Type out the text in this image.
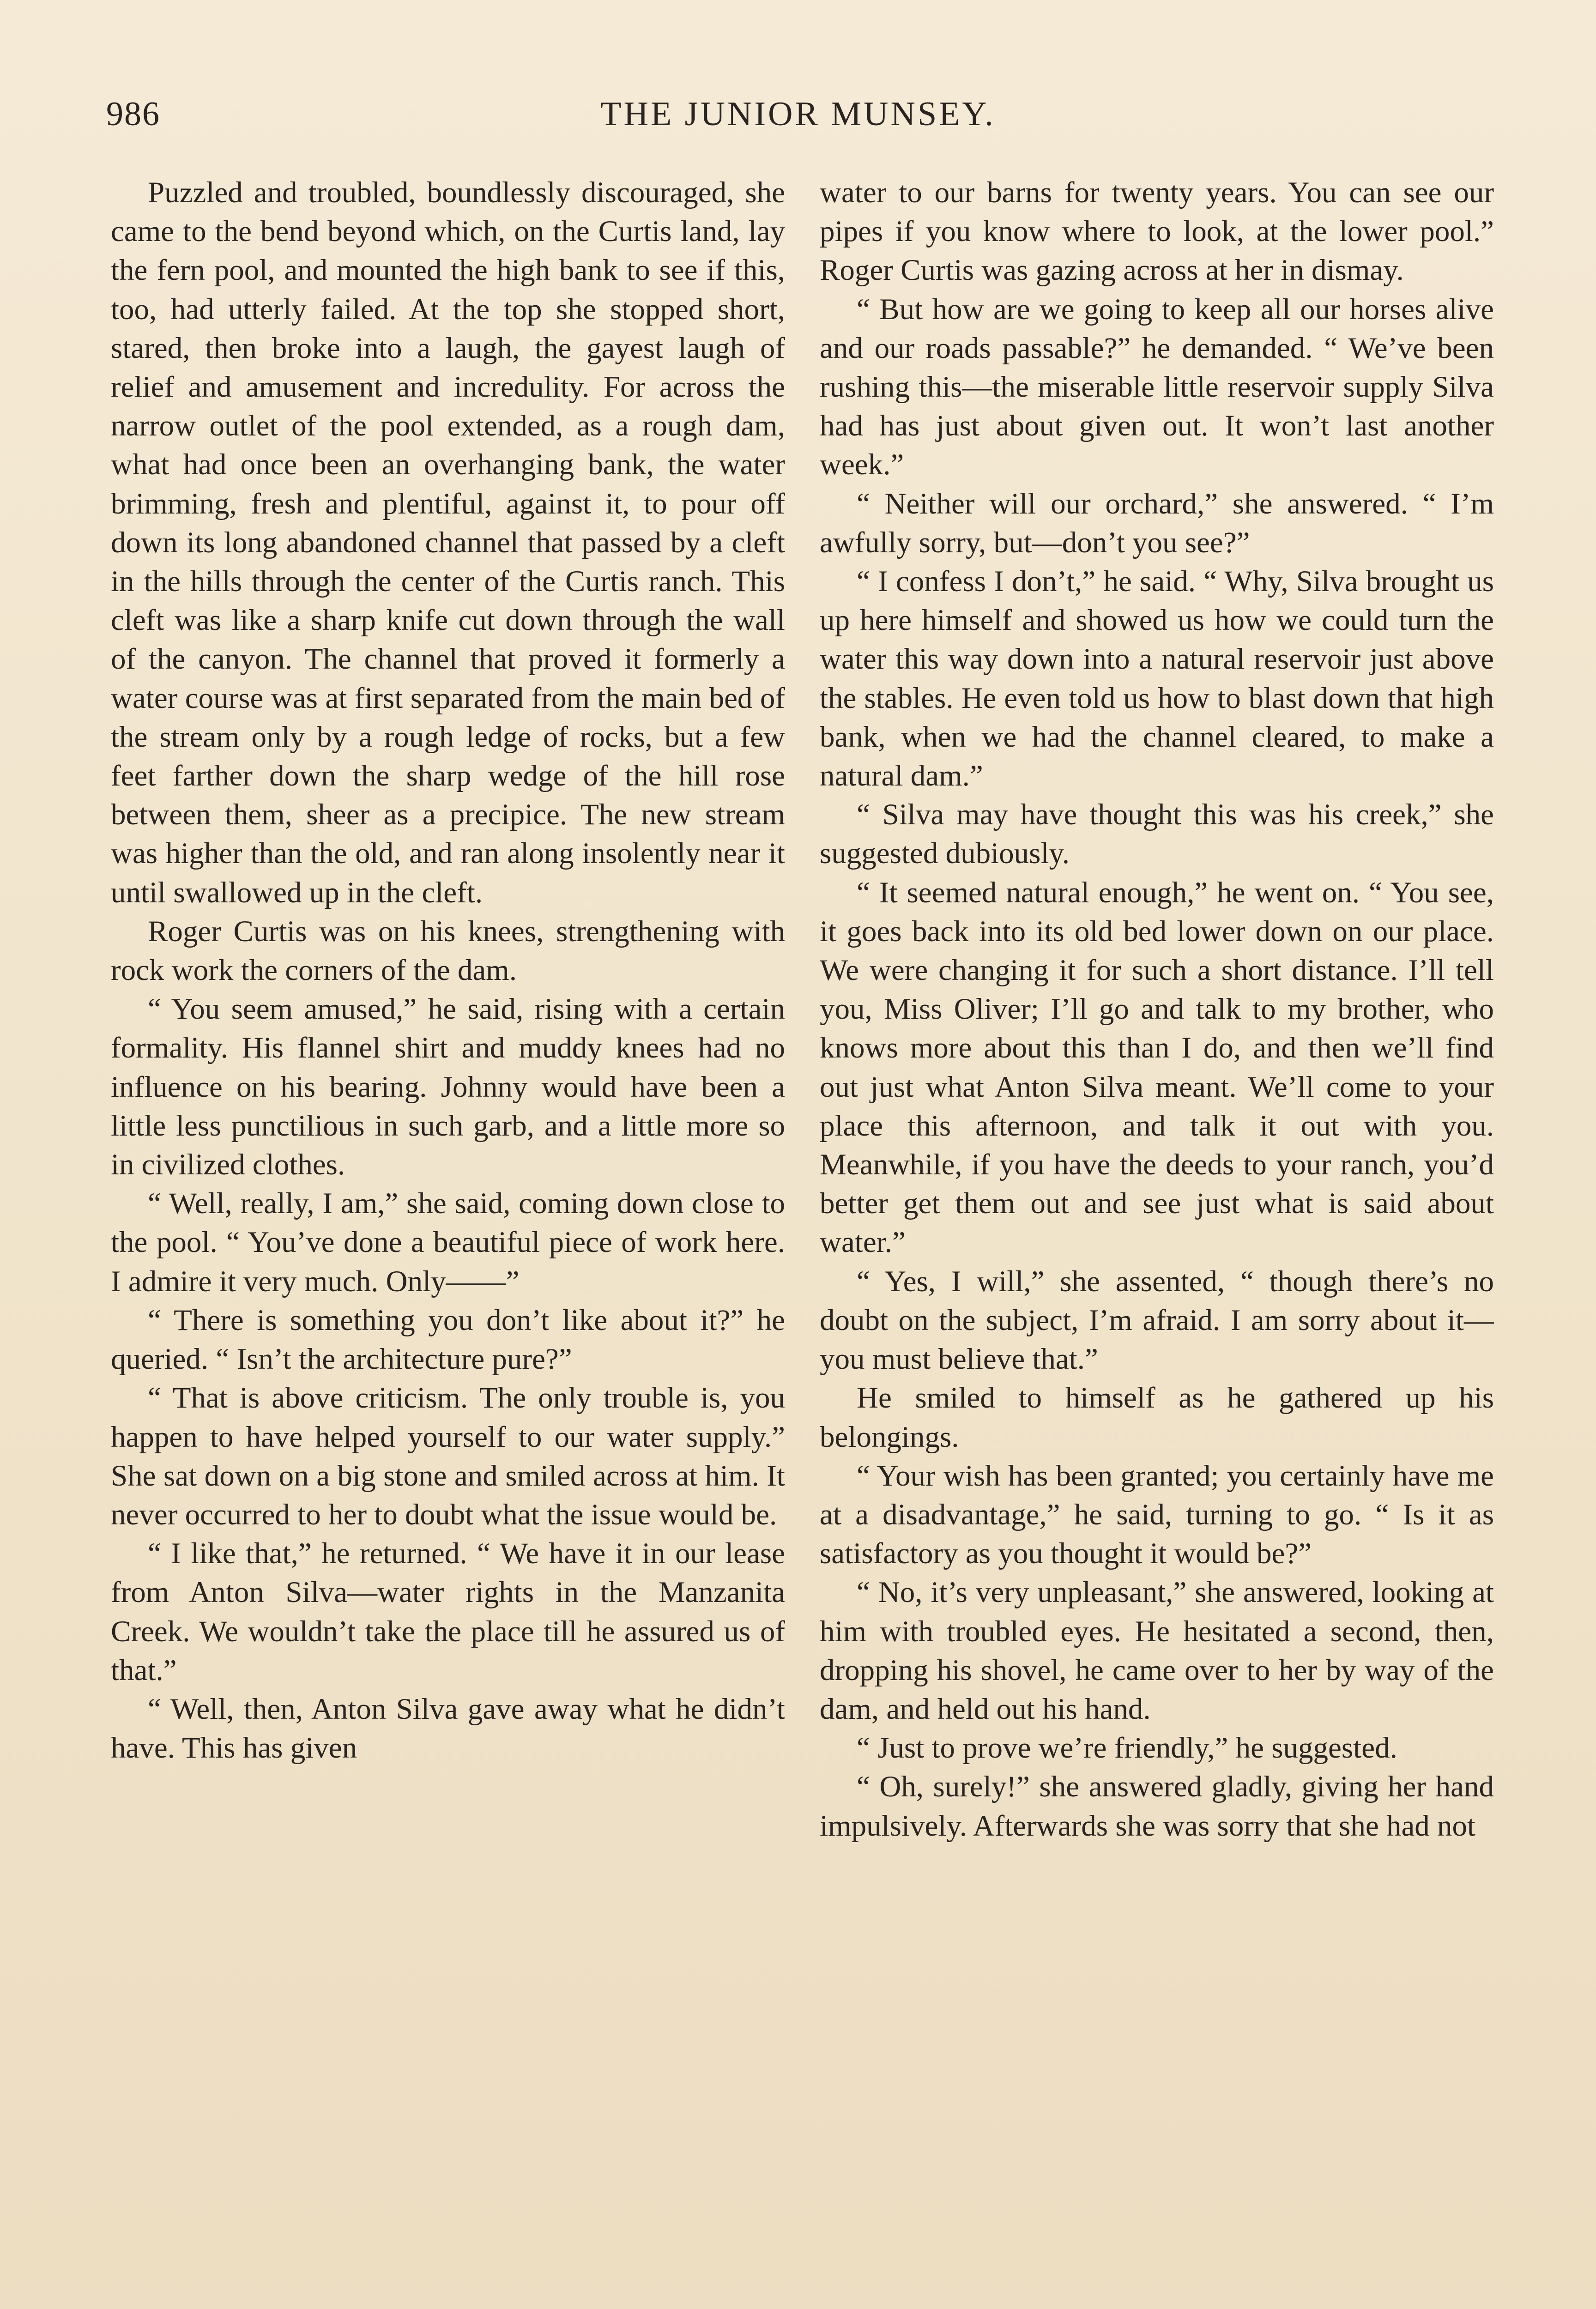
986	THE JUNIOR MUNSEY.

Puzzled and troubled, boundlessly discouraged, she came to the bend beyond which, on the Curtis land, lay the fern pool, and mounted the high bank to see if this, too, had utterly failed. At the top she stopped short, stared, then broke into a laugh, the gayest laugh of relief and amusement and incredulity. For across the narrow outlet of the pool extended, as a rough dam, what had once been an overhanging bank, the water brimming, fresh and plentiful, against it, to pour off down its long abandoned channel that passed by a cleft in the hills through the center of the Curtis ranch. This cleft was like a sharp knife cut down through the wall of the canyon. The channel that proved it formerly a water course was at first separated from the main bed of the stream only by a rough ledge of rocks, but a few feet farther down the sharp wedge of the hill rose between them, sheer as a precipice. The new stream was higher than the old, and ran along insolently near it until swallowed up in the cleft.

Roger Curtis was on his knees, strengthening with rock work the corners of the dam.

“ You seem amused,” he said, rising with a certain formality. His flannel shirt and muddy knees had no influence on his bearing. Johnny would have been a little less punctilious in such garb, and a little more so in civilized clothes.

“ Well, really, I am,” she said, coming down close to the pool. “ You’ve done a beautiful piece of work here. I admire it very much. Only——”

“ There is something you don’t like about it?” he queried. “ Isn’t the architecture pure?”

“ That is above criticism. The only trouble is, you happen to have helped yourself to our water supply.” She sat down on a big stone and smiled across at him. It never occurred to her to doubt what the issue would be.

“ I like that,” he returned. “ We have it in our lease from Anton Silva—water rights in the Manzanita Creek. We wouldn’t take the place till he assured us of that.”

“ Well, then, Anton Silva gave away what he didn’t have. This has given

water to our barns for twenty years. You can see our pipes if you know where to look, at the lower pool.” Roger Curtis was gazing across at her in dismay.

“ But how are we going to keep all our horses alive and our roads passable?” he demanded. “ We’ve been rushing this—the miserable little reservoir supply Silva had has just about given out. It won’t last another week.”

“ Neither will our orchard,” she answered. “ I’m awfully sorry, but—don’t you see?”

“ I confess I don’t,” he said. “ Why, Silva brought us up here himself and showed us how we could turn the water this way down into a natural reservoir just above the stables. He even told us how to blast down that high bank, when we had the channel cleared, to make a natural dam.”

“ Silva may have thought this was his creek,” she suggested dubiously.

“ It seemed natural enough,” he went on. “ You see, it goes back into its old bed lower down on our place. We were changing it for such a short distance. I’ll tell you, Miss Oliver; I’ll go and talk to my brother, who knows more about this than I do, and then we’ll find out just what Anton Silva meant. We’ll come to your place this afternoon, and talk it out with you. Meanwhile, if you have the deeds to your ranch, you’d better get them out and see just what is said about water.”

“ Yes, I will,” she assented, “ though there’s no doubt on the subject, I’m afraid. I am sorry about it—you must believe that.”

He smiled to himself as he gathered up his belongings.

“ Your wish has been granted; you certainly have me at a disadvantage,” he said, turning to go. “ Is it as satisfactory as you thought it would be?”

“ No, it’s very unpleasant,” she answered, looking at him with troubled eyes. He hesitated a second, then, dropping his shovel, he came over to her by way of the dam, and held out his hand.

“ Just to prove we’re friendly,” he suggested.

“ Oh, surely!” she answered gladly, giving her hand impulsively. Afterwards she was sorry that she had not
